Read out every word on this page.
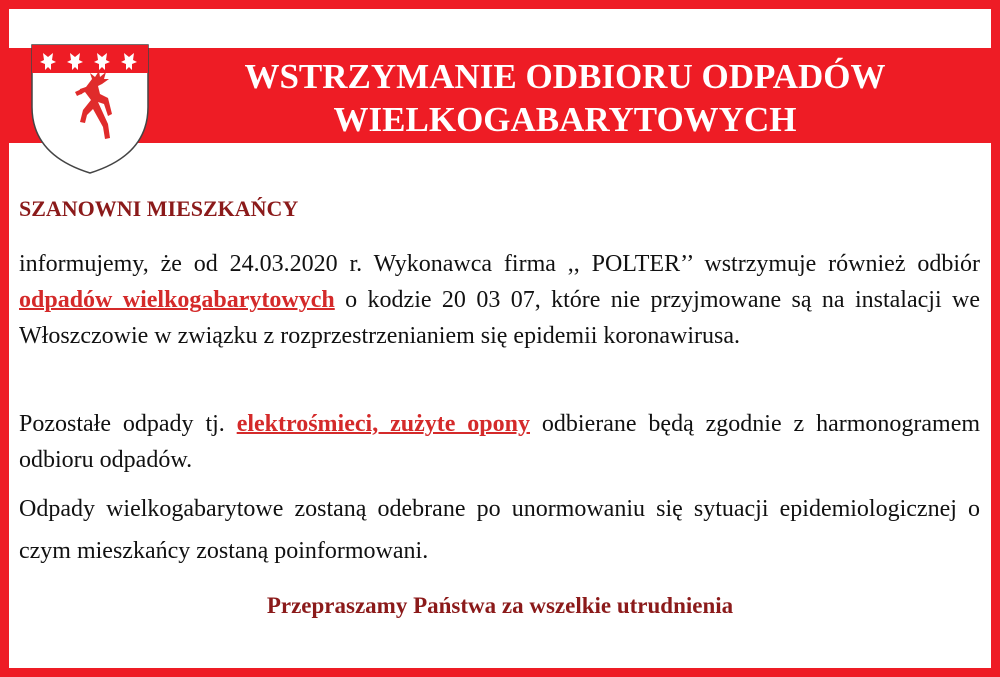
WSTRZYMANIE ODBIORU ODPADÓW
WIELKOGABARYTOWYCH

SZANOWNI MIESZKAŃCY

informujemy, że od 24.03.2020 r. Wykonawca firma ,, POLTER’’ wstrzymuje również odbiór odpadów wielkogabarytowych o kodzie 20 03 07, które nie przyjmowane są na instalacji we Włoszczowie w związku z rozprzestrzenianiem się epidemii koronawirusa.

Pozostałe odpady tj. elektrośmieci, zużyte opony odbierane będą zgodnie z harmonogramem odbioru odpadów.

Odpady wielkogabarytowe zostaną odebrane po unormowaniu się sytuacji epidemiologicznej o czym mieszkańcy zostaną poinformowani.

Przepraszamy Państwa za wszelkie utrudnienia
